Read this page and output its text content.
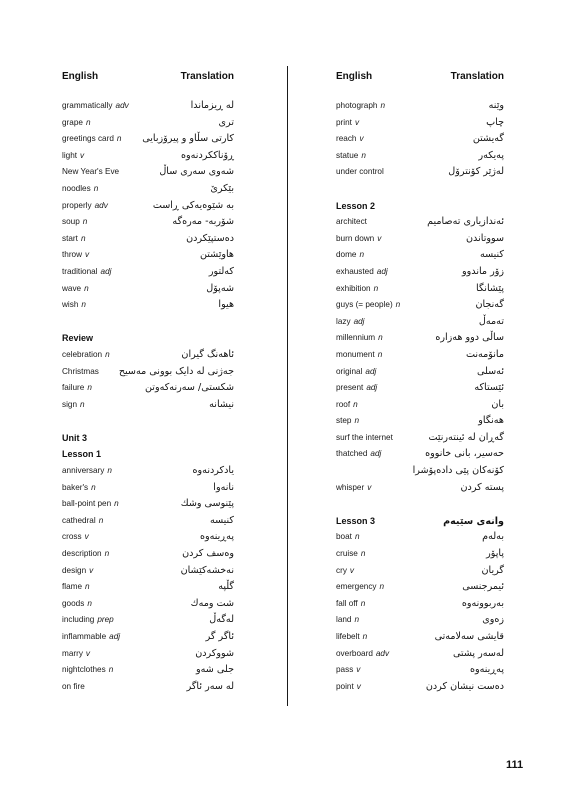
English	Translation
grammatically adv	لە ڕیزماندا
grape n	تری
greetings card n کارتی سڵاو و پیرۆزبایی
light v	ڕۆناککردنەوە
New Year's Eve	شەوی سەری ساڵ
noodles n	بێکرێ
properly adv	بە شێوەیەکی ڕاست
soup n	شۆربە- مەرەگە
start n	دەستپێکردن
throw v	هاوێشتن
traditional adj	کەلتور
wave n	شەپۆل
wish n	هیوا
Review
celebration n	ئاهەنگ گیران
Christmas جەژنی لە دایک بوونی مەسیح
failure n	شکستی/ سەرنەکەوتن
sign n	نیشانە
Unit 3
Lesson 1
anniversary n	یادکردنەوە
baker's n	نانەوا
ball-point pen n	پێنوسی وشك
cathedral n	کنیسە
cross v	پەڕینەوە
description n	وەسف کردن
design v	نەخشەکێشان
flame n	گڵپە
goods n	شت ومەك
including prep	لەگەڵ
inflammable adj	ئاگر گر
marry v	شووکردن
nightclothes n	جلی شەو
on fire	لە سەر ئاگر
English	Translation
photograph n	وێنە
print v	چاپ
reach v	گەیشتن
statue n	پەیکەر
under control	لەژێر کۆنترۆل
Lesson 2
architect	ئەندازیاری تەصامیم
burn down v	سووتاندن
dome n	کنیسە
exhausted adj	زۆر ماندوو
exhibition n	پێشانگا
guys (= people) n	گەنجان
lazy adj	تەمەڵ
millennium n	ساڵی دوو هەزارە
monument n	مانۆمەنت
original adj	ئەسلی
present adj	ئێستاکە
roof n	بان
step n	هەنگاو
surf the internet	گەڕان لە ئینتەرنێت
thatched adj	حەسیر، بانی خانووە
کۆنەکان پێی دادەپۆشرا
whisper v	پستە کردن
Lesson 3	وانەی سێیەم
boat n	بەلەم
cruise n	پاپۆر
cry v	گریان
emergency n	ئیمرجنسی
fall off n	بەربوونەوە
land n	زەوی
lifebelt n	قایشی سەلامەتی
overboard adv	لەسەر پشتی
pass v	پەڕینەوە
point v	دەست نیشان کردن
111
